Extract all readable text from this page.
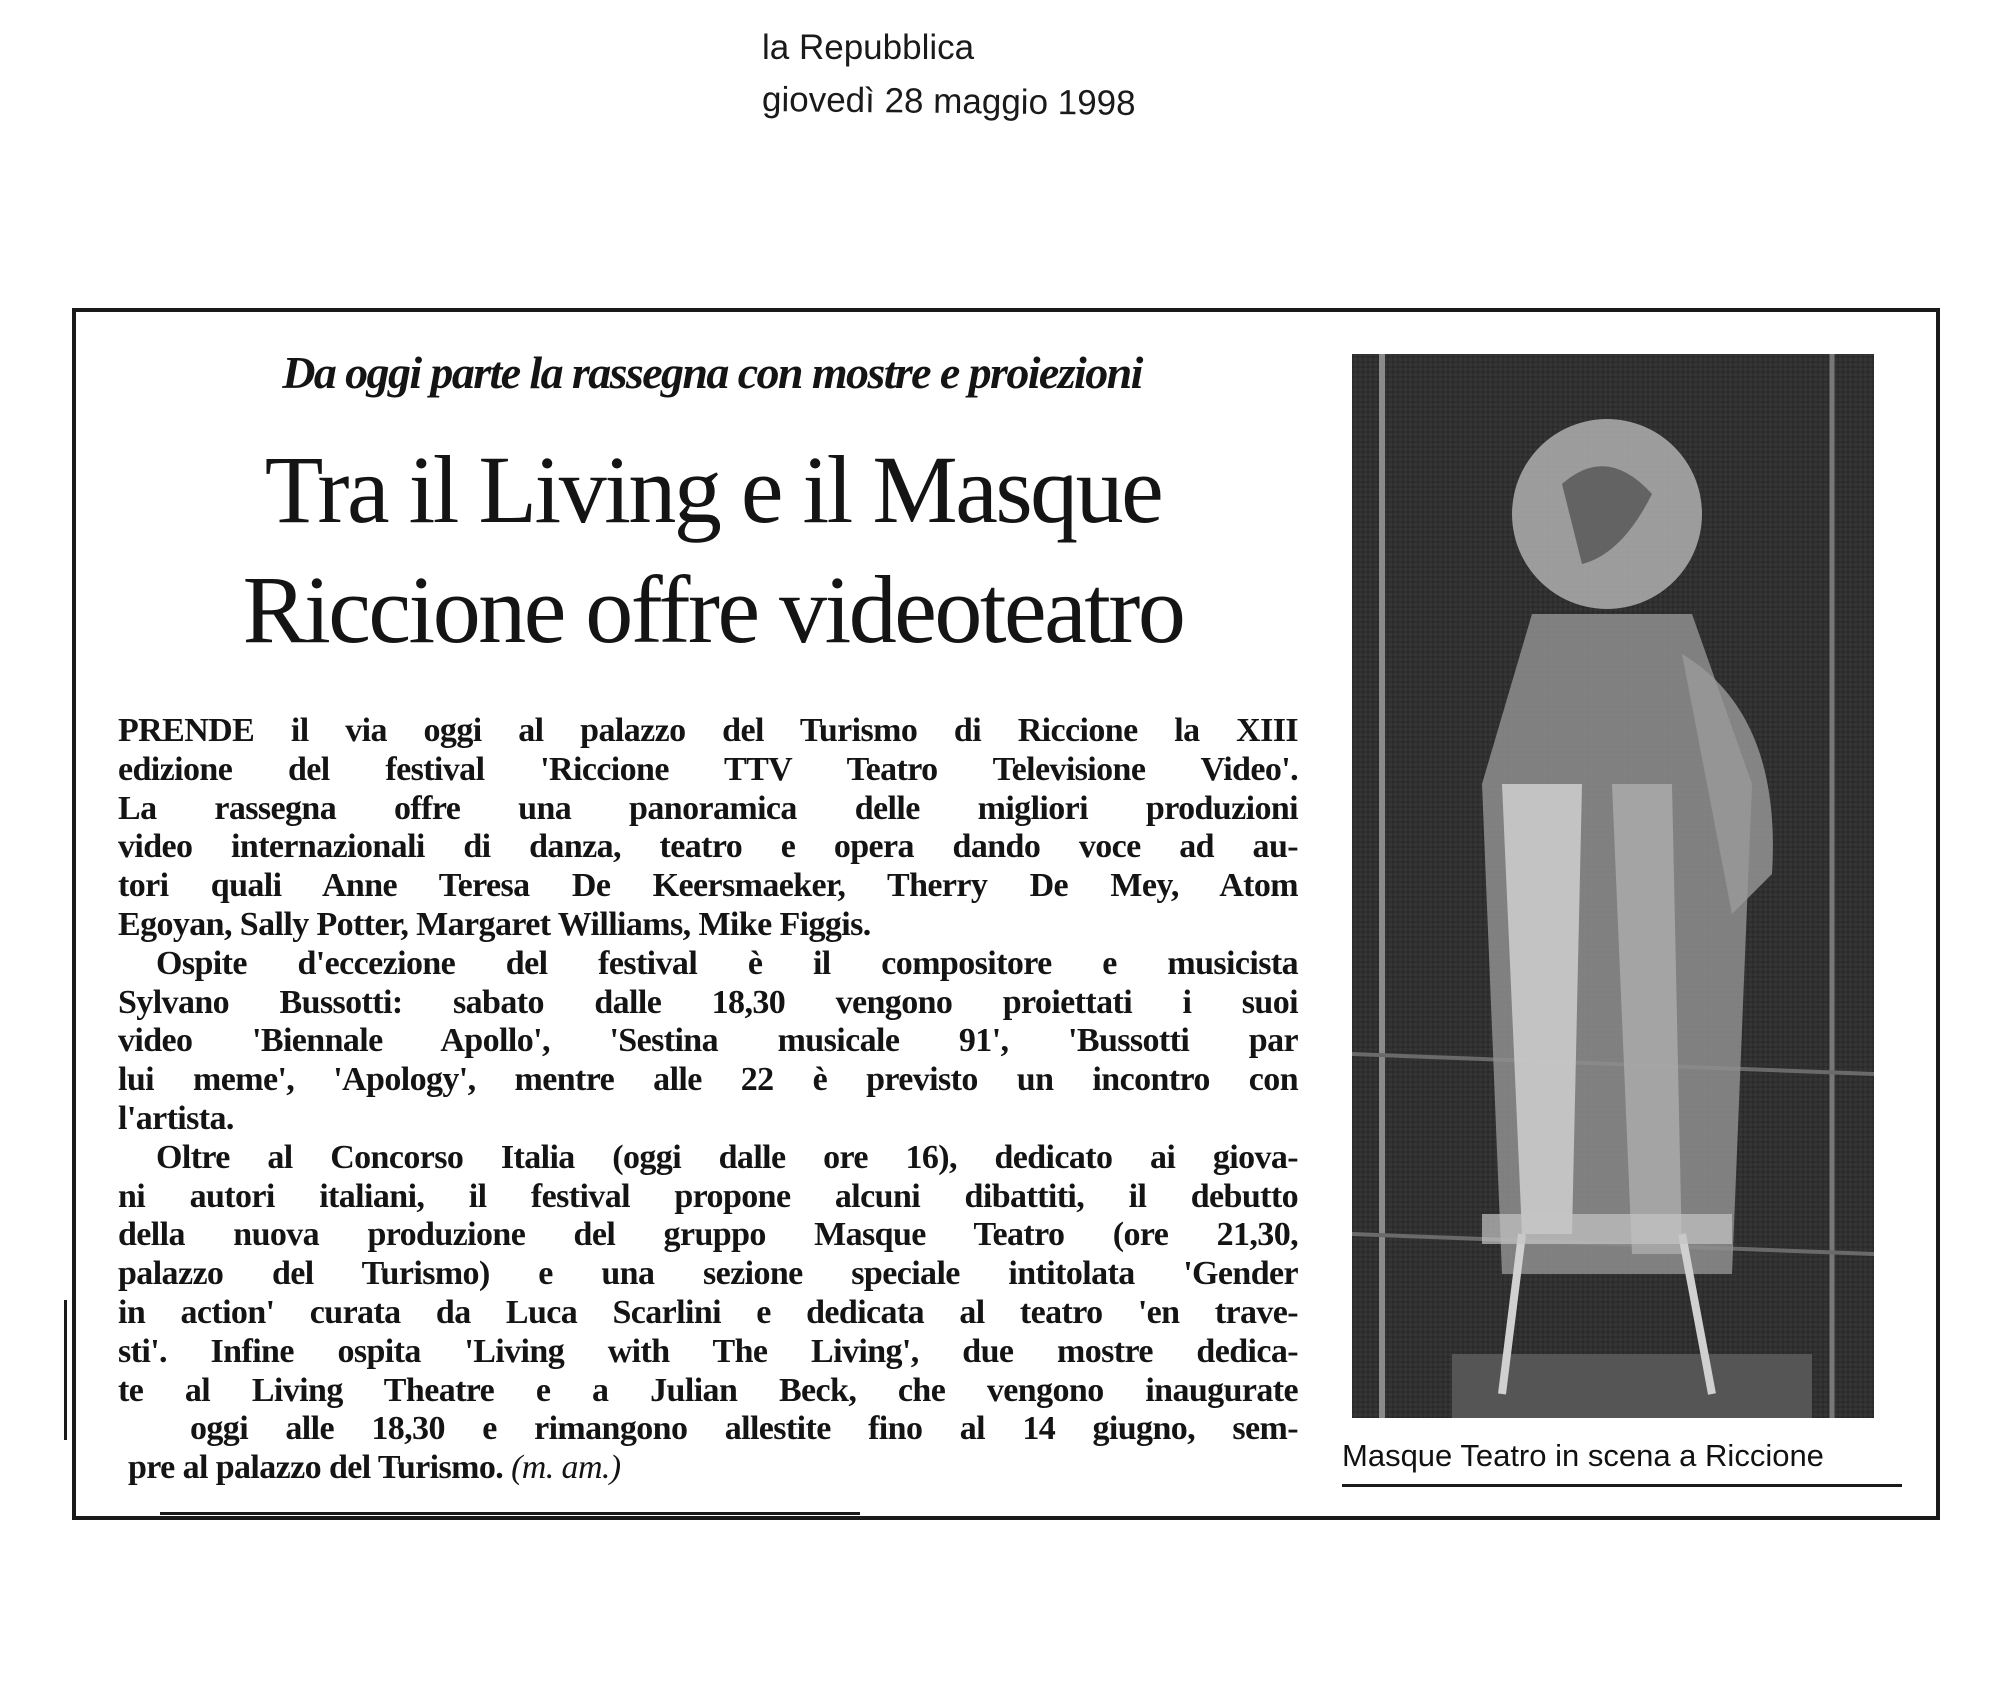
la Repubblica
giovedì 28 maggio 1998
Da oggi parte la rassegna con mostre e proiezioni
Tra il Living e il Masque
Riccione offre videoteatro
PRENDE il via oggi al palazzo del Turismo di Riccione la XIII
edizione del festival 'Riccione TTV Teatro Televisione Video'.
La rassegna offre una panoramica delle migliori produzioni
video internazionali di danza, teatro e opera dando voce ad au-
tori quali Anne Teresa De Keersmaeker, Therry De Mey, Atom
Egoyan, Sally Potter, Margaret Williams, Mike Figgis.
Ospite d'eccezione del festival è il compositore e musicista
Sylvano Bussotti: sabato dalle 18,30 vengono proiettati i suoi
video 'Biennale Apollo', 'Sestina musicale 91', 'Bussotti par
lui meme', 'Apology', mentre alle 22 è previsto un incontro con
l'artista.
Oltre al Concorso Italia (oggi dalle ore 16), dedicato ai giova-
ni autori italiani, il festival propone alcuni dibattiti, il debutto
della nuova produzione del gruppo Masque Teatro (ore 21,30,
palazzo del Turismo) e una sezione speciale intitolata 'Gender
in action' curata da Luca Scarlini e dedicata al teatro 'en trave-
sti'. Infine ospita 'Living with The Living', due mostre dedica-
te al Living Theatre e a Julian Beck, che vengono inaugurate
oggi alle 18,30 e rimangono allestite fino al 14 giugno, sem-
pre al palazzo del Turismo. (m. am.)	Masque Teatro in scena a Riccione
